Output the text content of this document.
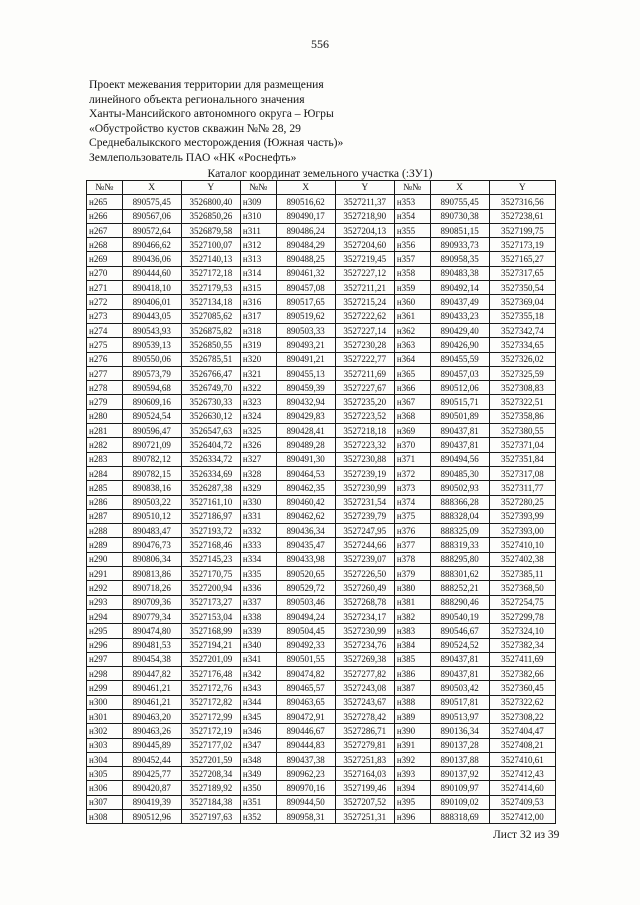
556
Проект межевания территории для размещения
линейного объекта регионального значения
Ханты-Мансийского автономного округа – Югры
«Обустройство кустов скважин №№ 28, 29
Среднебалыкского месторождения (Южная часть)»
Землепользователь ПАО «НК «Роснефть»
Каталог координат земельного участка (:ЗУ1)
№№	X	Y	№№	X	Y	№№	X	Y
н265	890575,45	3526800,40	н309	890516,62	3527211,37	н353	890755,45	3527316,56
н266	890567,06	3526850,26	н310	890490,17	3527218,90	н354	890730,38	3527238,61
н267	890572,64	3526879,58	н311	890486,24	3527204,13	н355	890851,15	3527199,75
н268	890466,62	3527100,07	н312	890484,29	3527204,60	н356	890933,73	3527173,19
н269	890436,06	3527140,13	н313	890488,25	3527219,45	н357	890958,35	3527165,27
н270	890444,60	3527172,18	н314	890461,32	3527227,12	н358	890483,38	3527317,65
н271	890418,10	3527179,53	н315	890457,08	3527211,21	н359	890492,14	3527350,54
н272	890406,01	3527134,18	н316	890517,65	3527215,24	н360	890437,49	3527369,04
н273	890443,05	3527085,62	н317	890519,62	3527222,62	н361	890433,23	3527355,18
н274	890543,93	3526875,82	н318	890503,33	3527227,14	н362	890429,40	3527342,74
н275	890539,13	3526850,55	н319	890493,21	3527230,28	н363	890426,90	3527334,65
н276	890550,06	3526785,51	н320	890491,21	3527222,77	н364	890455,59	3527326,02
н277	890573,79	3526766,47	н321	890455,13	3527211,69	н365	890457,03	3527325,59
н278	890594,68	3526749,70	н322	890459,39	3527227,67	н366	890512,06	3527308,83
н279	890609,16	3526730,33	н323	890432,94	3527235,20	н367	890515,71	3527322,51
н280	890524,54	3526630,12	н324	890429,83	3527223,52	н368	890501,89	3527358,86
н281	890596,47	3526547,63	н325	890428,41	3527218,18	н369	890437,81	3527380,55
н282	890721,09	3526404,72	н326	890489,28	3527223,32	н370	890437,81	3527371,04
н283	890782,12	3526334,72	н327	890491,30	3527230,88	н371	890494,56	3527351,84
н284	890782,15	3526334,69	н328	890464,53	3527239,19	н372	890485,30	3527317,08
н285	890838,16	3526287,38	н329	890462,35	3527230,99	н373	890502,93	3527311,77
н286	890503,22	3527161,10	н330	890460,42	3527231,54	н374	888366,28	3527280,25
н287	890510,12	3527186,97	н331	890462,62	3527239,79	н375	888328,04	3527393,99
н288	890483,47	3527193,72	н332	890436,34	3527247,95	н376	888325,09	3527393,00
н289	890476,73	3527168,46	н333	890435,47	3527244,66	н377	888319,33	3527410,10
н290	890806,34	3527145,23	н334	890433,98	3527239,07	н378	888295,80	3527402,38
н291	890813,86	3527170,75	н335	890520,65	3527226,50	н379	888301,62	3527385,11
н292	890718,26	3527200,94	н336	890529,72	3527260,49	н380	888252,21	3527368,50
н293	890709,36	3527173,27	н337	890503,46	3527268,78	н381	888290,46	3527254,75
н294	890779,34	3527153,04	н338	890494,24	3527234,17	н382	890540,19	3527299,78
н295	890474,80	3527168,99	н339	890504,45	3527230,99	н383	890546,67	3527324,10
н296	890481,53	3527194,21	н340	890492,33	3527234,76	н384	890524,52	3527382,34
н297	890454,38	3527201,09	н341	890501,55	3527269,38	н385	890437,81	3527411,69
н298	890447,82	3527176,48	н342	890474,82	3527277,82	н386	890437,81	3527382,66
н299	890461,21	3527172,76	н343	890465,57	3527243,08	н387	890503,42	3527360,45
н300	890461,21	3527172,82	н344	890463,65	3527243,67	н388	890517,81	3527322,62
н301	890463,20	3527172,99	н345	890472,91	3527278,42	н389	890513,97	3527308,22
н302	890463,26	3527172,19	н346	890446,67	3527286,71	н390	890136,34	3527404,47
н303	890445,89	3527177,02	н347	890444,83	3527279,81	н391	890137,28	3527408,21
н304	890452,44	3527201,59	н348	890437,38	3527251,83	н392	890137,88	3527410,61
н305	890425,77	3527208,34	н349	890962,23	3527164,03	н393	890137,92	3527412,43
н306	890420,87	3527189,92	н350	890970,16	3527199,46	н394	890109,97	3527414,60
н307	890419,39	3527184,38	н351	890944,50	3527207,52	н395	890109,02	3527409,53
н308	890512,96	3527197,63	н352	890958,31	3527251,31	н396	888318,69	3527412,00
Лист 32 из 39
